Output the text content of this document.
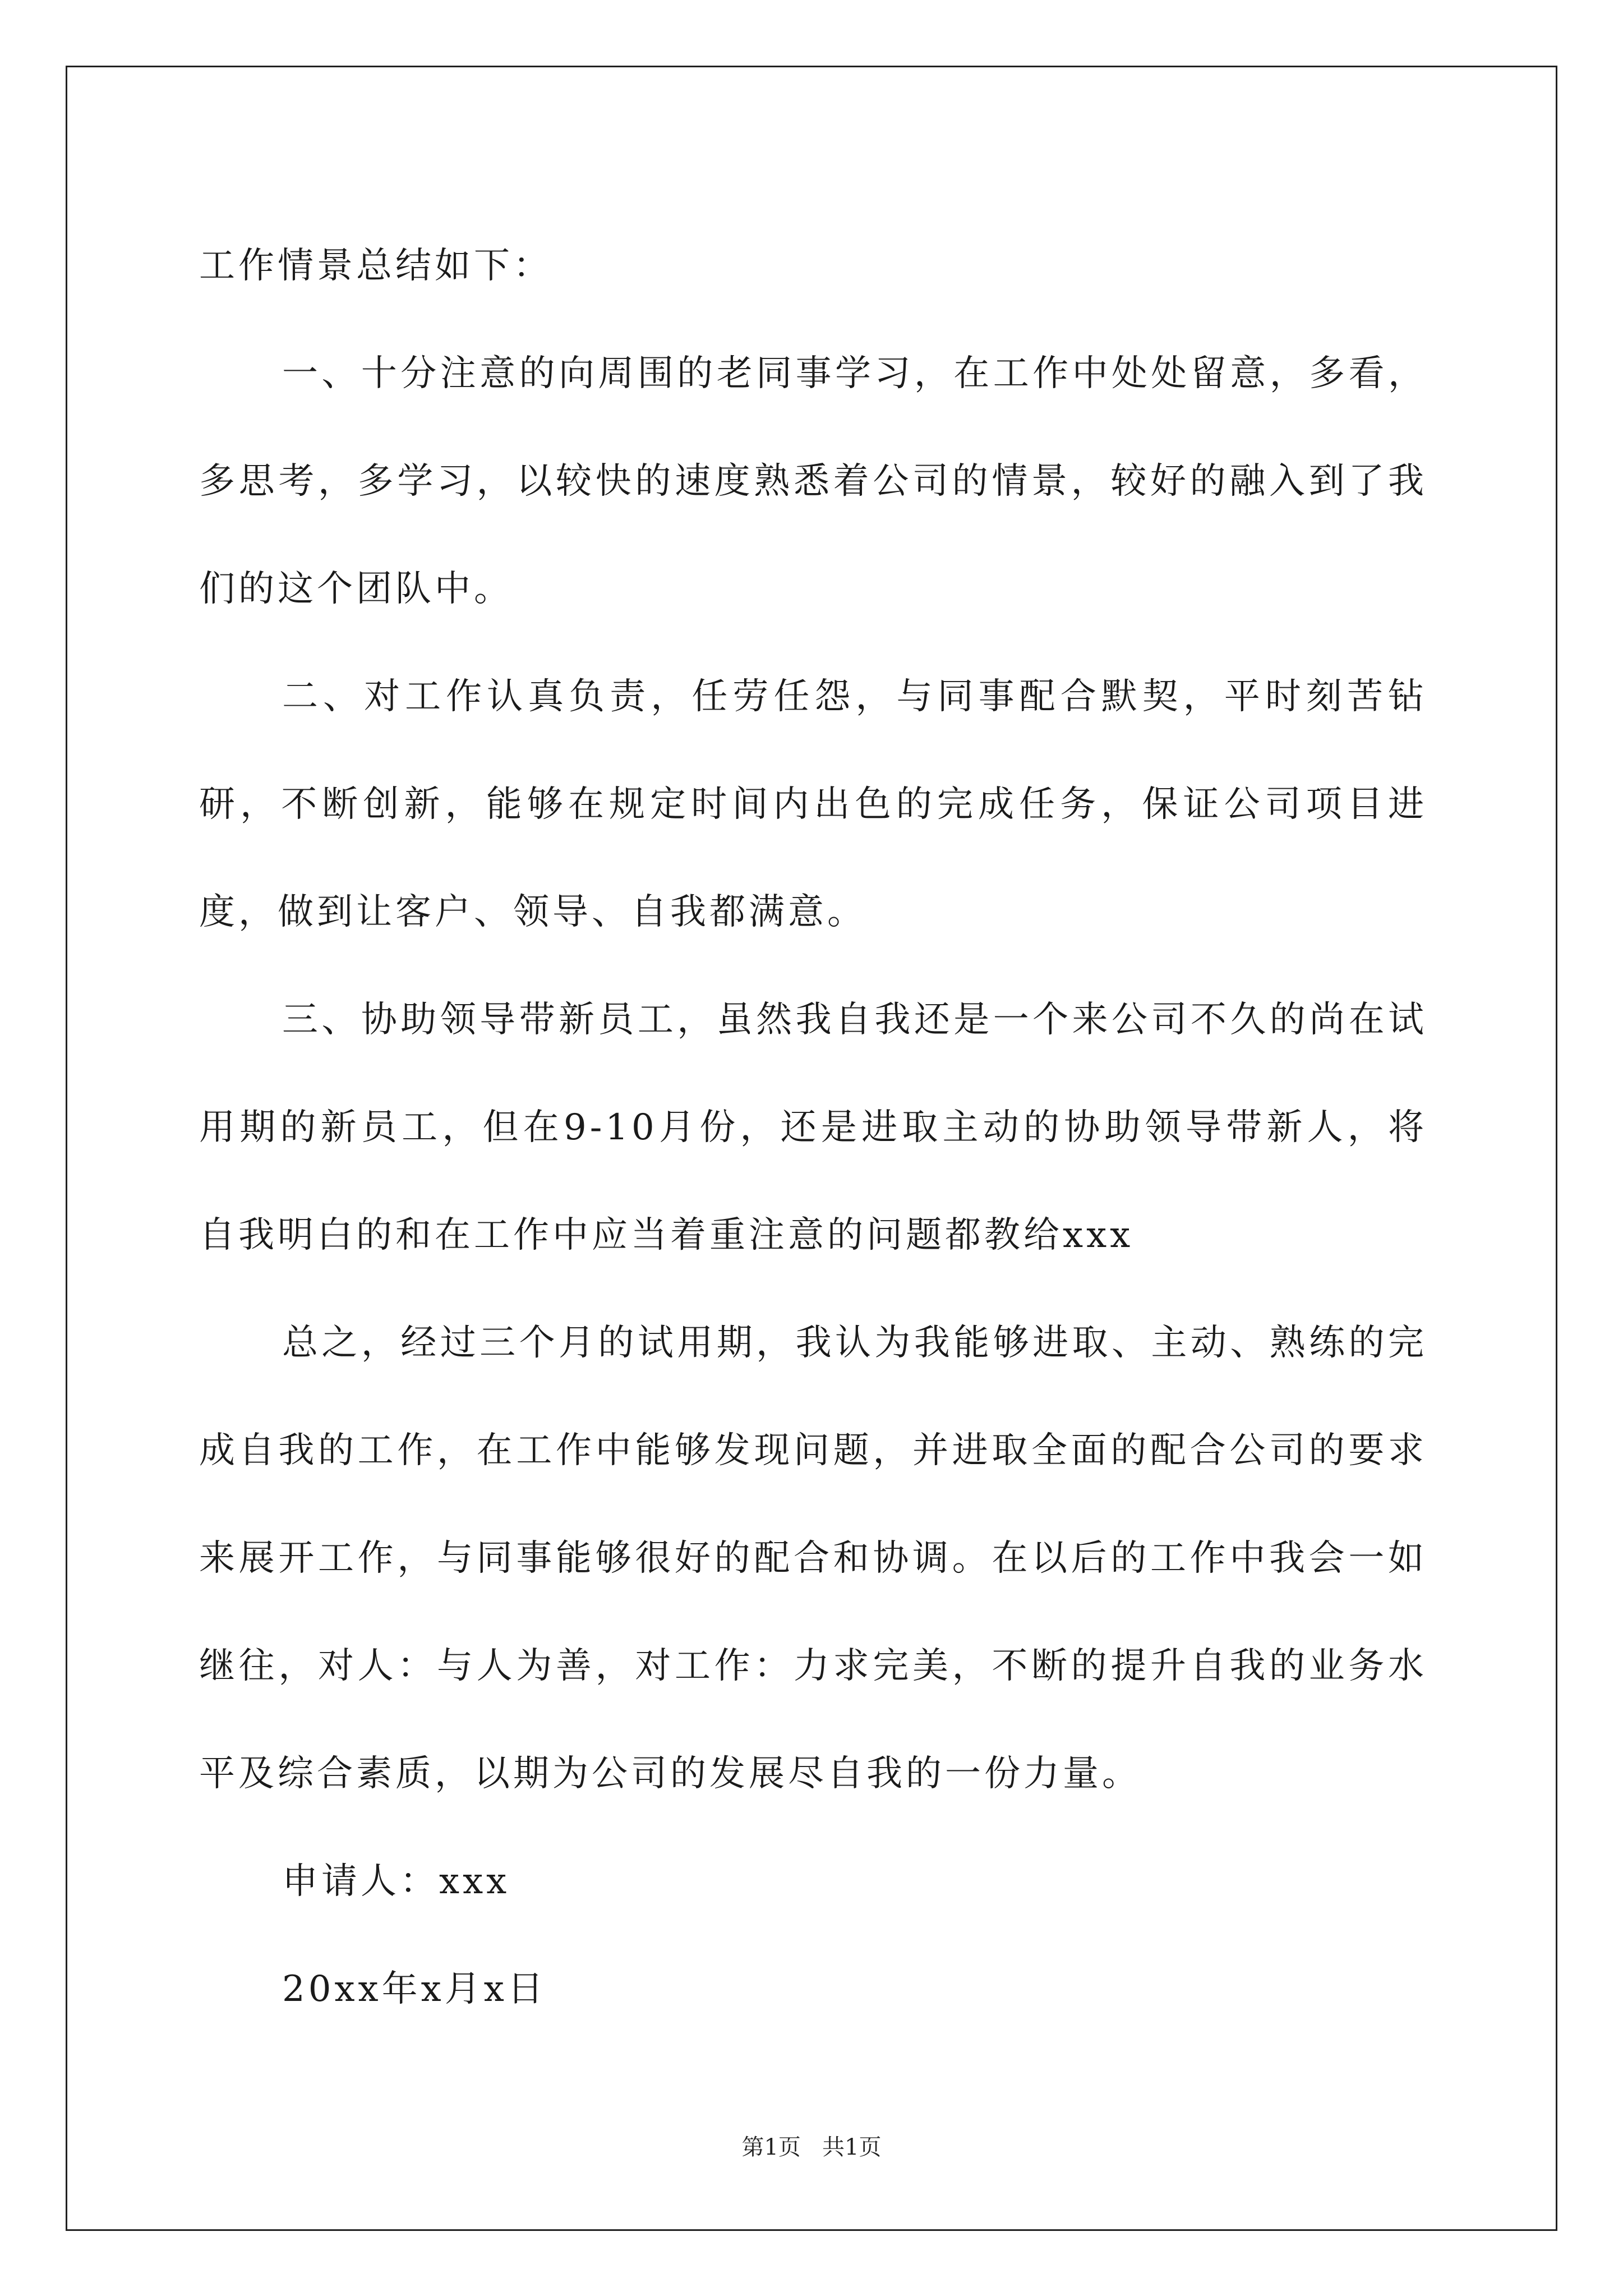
工作情景总结如下：

一、十分注意的向周围的老同事学习，在工作中处处留意，多看，多思考，多学习，以较快的速度熟悉着公司的情景，较好的融入到了我们的这个团队中。

二、对工作认真负责，任劳任怨，与同事配合默契，平时刻苦钻研，不断创新，能够在规定时间内出色的完成任务，保证公司项目进度，做到让客户、领导、自我都满意。

三、协助领导带新员工，虽然我自我还是一个来公司不久的尚在试用期的新员工，但在9-10月份，还是进取主动的协助领导带新人，将自我明白的和在工作中应当着重注意的问题都教给xxx

总之，经过三个月的试用期，我认为我能够进取、主动、熟练的完成自我的工作，在工作中能够发现问题，并进取全面的配合公司的要求来展开工作，与同事能够很好的配合和协调。在以后的工作中我会一如继往，对人：与人为善，对工作：力求完美，不断的提升自我的业务水平及综合素质，以期为公司的发展尽自我的一份力量。

申请人：xxx

20xx年x月x日

第1页   共1页
